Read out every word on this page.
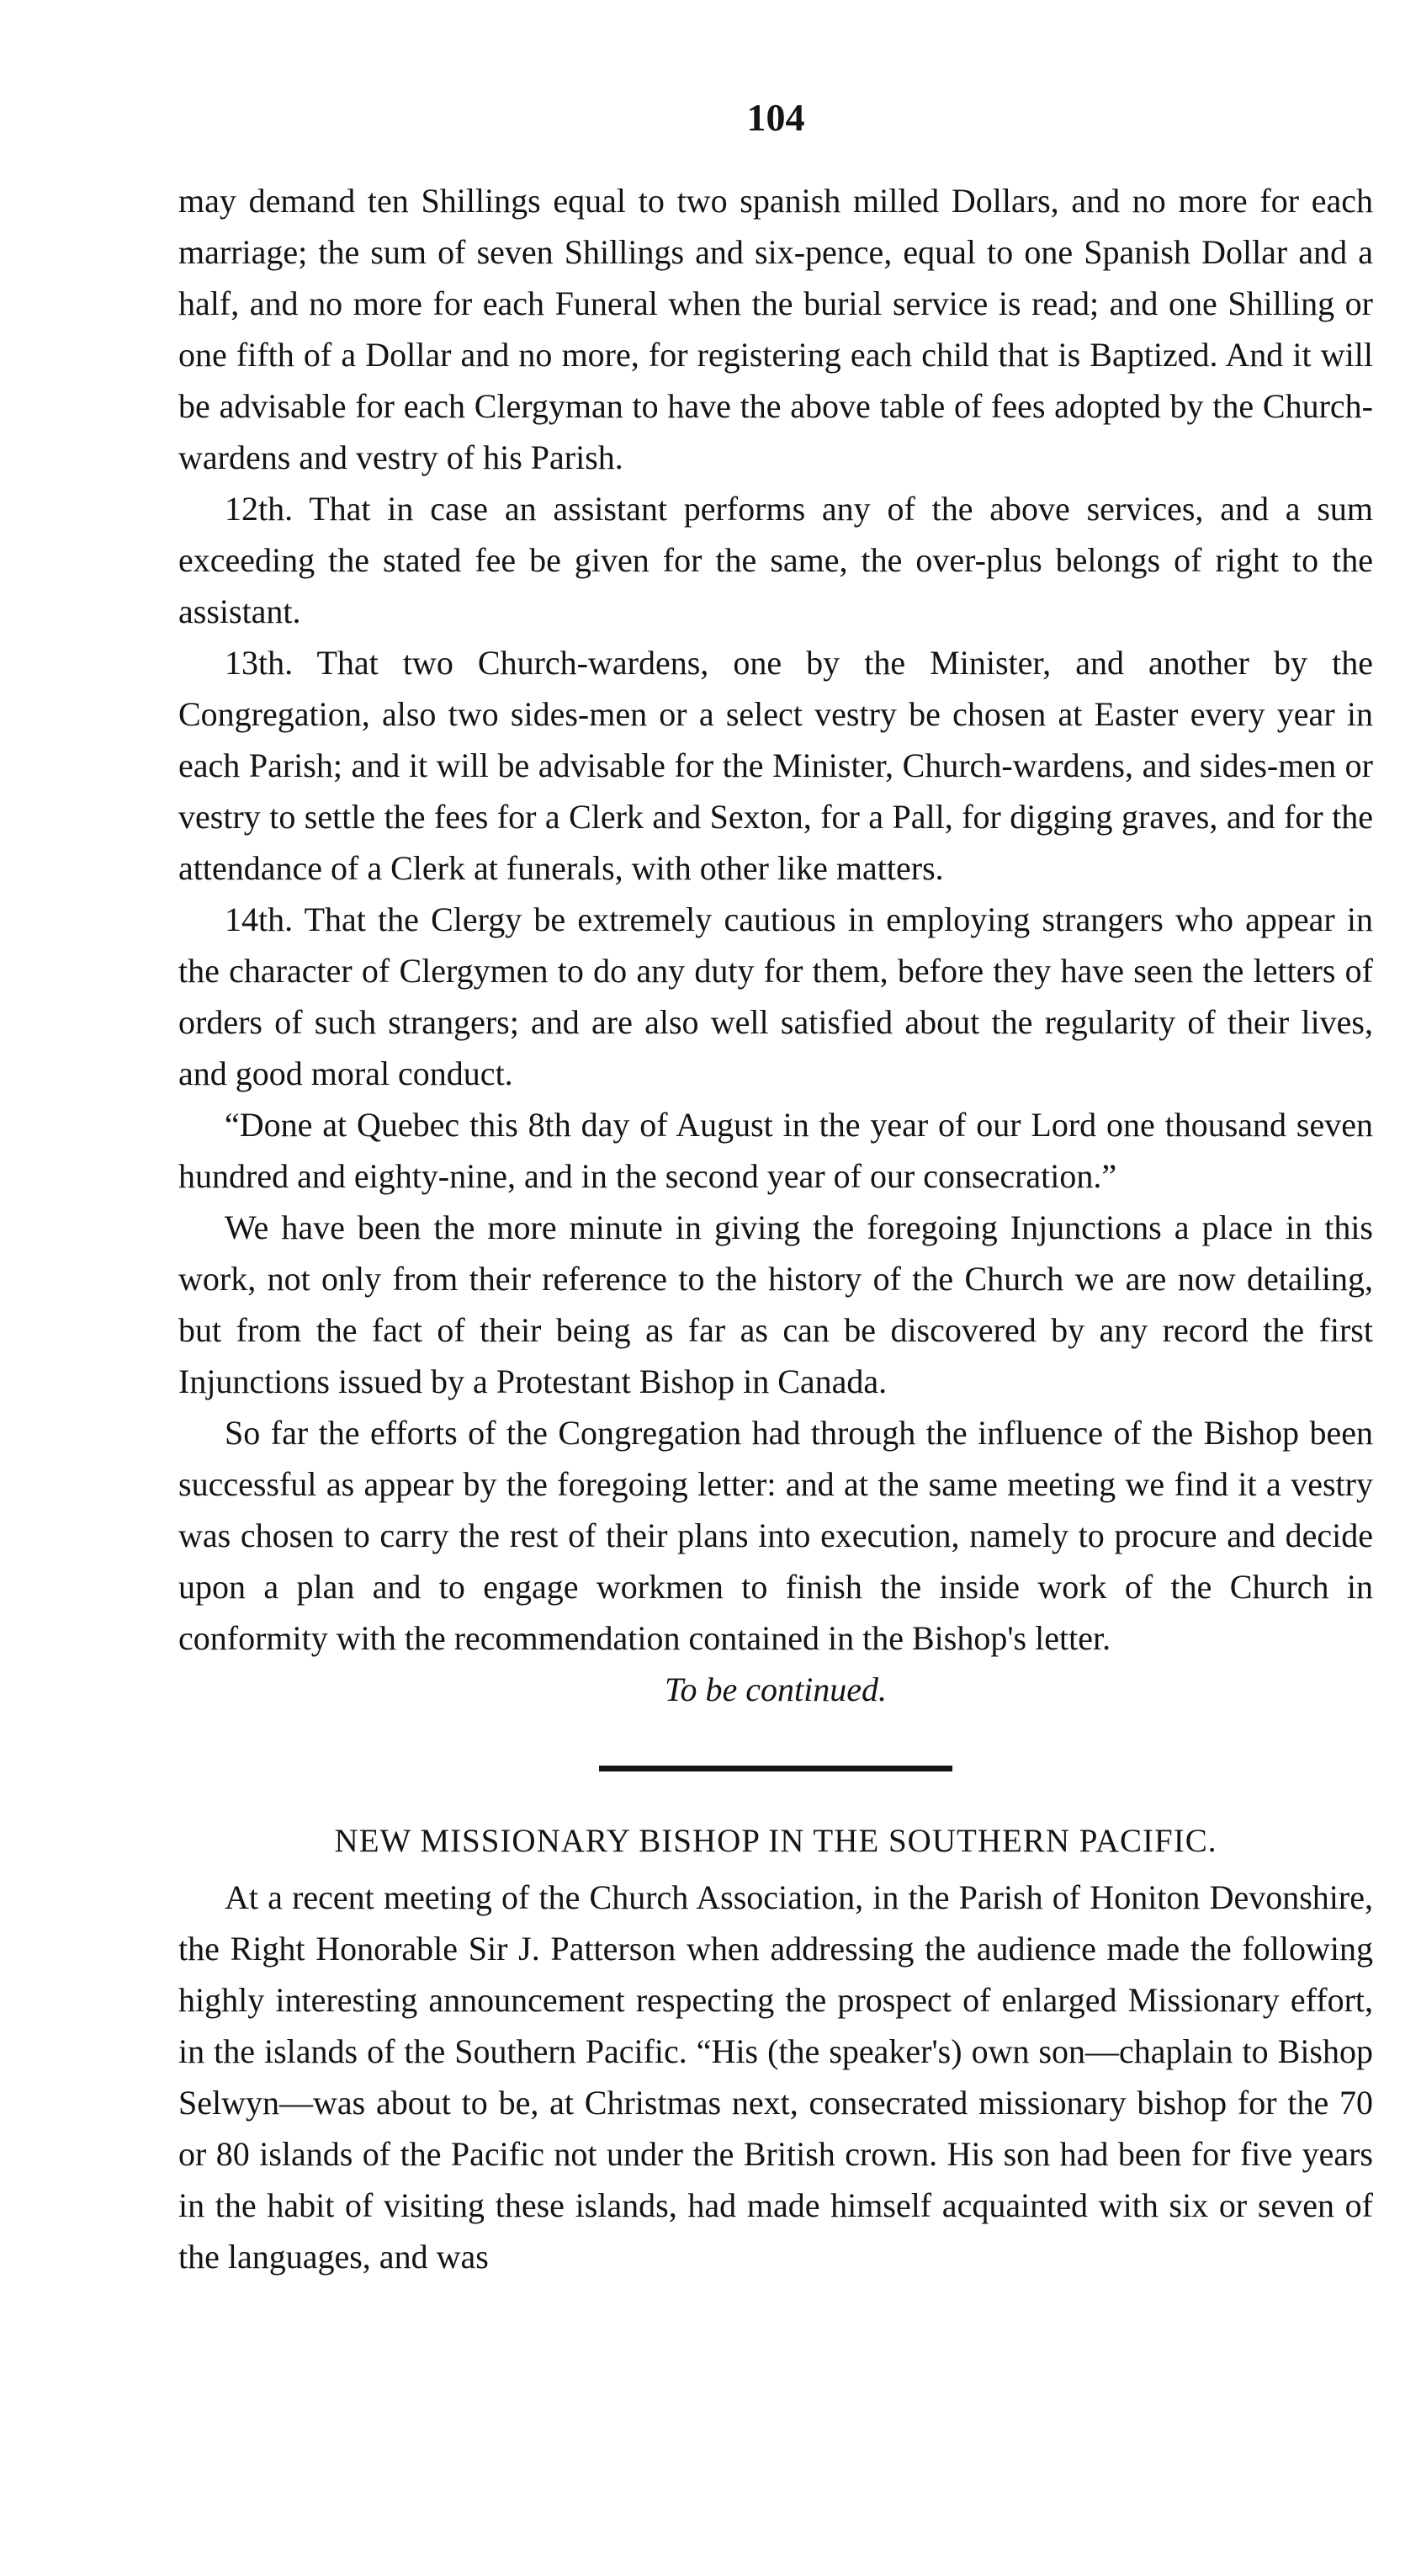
104

may demand ten Shillings equal to two spanish milled Dollars, and no more for each marriage; the sum of seven Shillings and six-pence, equal to one Spanish Dollar and a half, and no more for each Funeral when the burial service is read; and one Shilling or one fifth of a Dollar and no more, for registering each child that is Baptized. And it will be advisable for each Clergyman to have the above table of fees adopted by the Church-wardens and vestry of his Parish.

12th. That in case an assistant performs any of the above services, and a sum exceeding the stated fee be given for the same, the over-plus belongs of right to the assistant.

13th. That two Church-wardens, one by the Minister, and another by the Congregation, also two sides-men or a select vestry be chosen at Easter every year in each Parish; and it will be advisable for the Minister, Church-wardens, and sides-men or vestry to settle the fees for a Clerk and Sexton, for a Pall, for digging graves, and for the attendance of a Clerk at funerals, with other like matters.

14th. That the Clergy be extremely cautious in employing strangers who appear in the character of Clergymen to do any duty for them, before they have seen the letters of orders of such strangers; and are also well satisfied about the regularity of their lives, and good moral conduct.

“Done at Quebec this 8th day of August in the year of our Lord one thousand seven hundred and eighty-nine, and in the second year of our consecration.”

We have been the more minute in giving the foregoing Injunctions a place in this work, not only from their reference to the history of the Church we are now detailing, but from the fact of their being as far as can be discovered by any record the first Injunctions issued by a Protestant Bishop in Canada.

So far the efforts of the Congregation had through the influence of the Bishop been successful as appear by the foregoing letter: and at the same meeting we find it a vestry was chosen to carry the rest of their plans into execution, namely to procure and decide upon a plan and to engage workmen to finish the inside work of the Church in conformity with the recommendation contained in the Bishop's letter.

To be continued.
NEW MISSIONARY BISHOP IN THE SOUTHERN PACIFIC.

At a recent meeting of the Church Association, in the Parish of Honiton Devonshire, the Right Honorable Sir J. Patterson when addressing the audience made the following highly interesting announcement respecting the prospect of enlarged Missionary effort, in the islands of the Southern Pacific. “His (the speaker's) own son—chaplain to Bishop Selwyn—was about to be, at Christmas next, consecrated missionary bishop for the 70 or 80 islands of the Pacific not under the British crown. His son had been for five years in the habit of visiting these islands, had made himself acquainted with six or seven of the languages, and was
